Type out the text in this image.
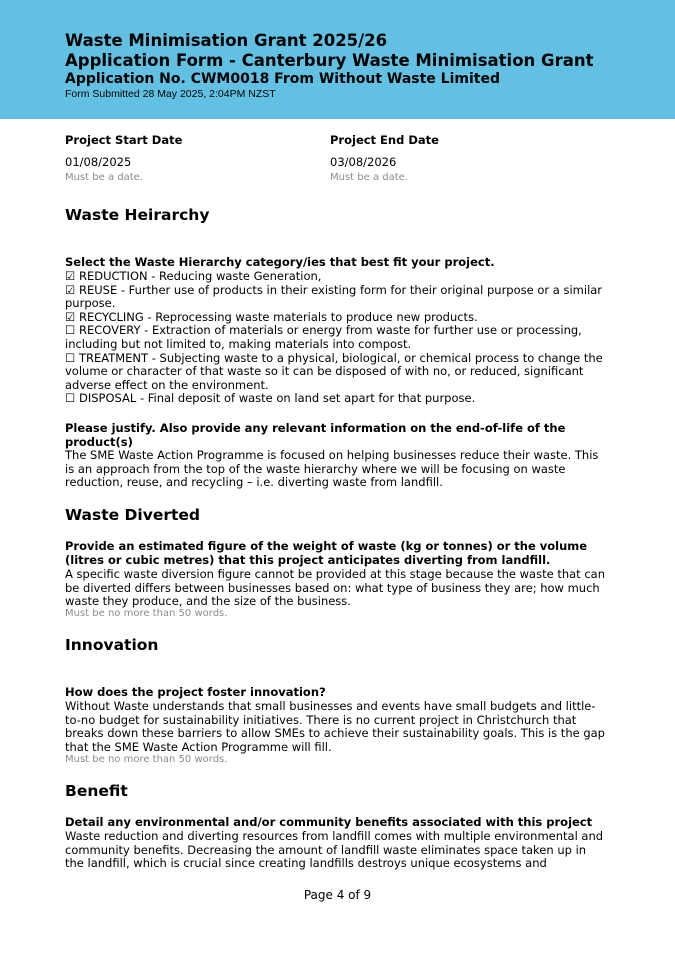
Waste Minimisation Grant 2025/26
Application Form - Canterbury Waste Minimisation Grant
Application No. CWM0018 From Without Waste Limited
Form Submitted 28 May 2025, 2:04PM NZST
Project Start Date
01/08/2025
Must be a date.
Project End Date
03/08/2026
Must be a date.
Waste Heirarchy
Select the Waste Hierarchy category/ies that best fit your project.
☑ REDUCTION - Reducing waste Generation,
☑ REUSE - Further use of products in their existing form for their original purpose or a similar purpose.
☑ RECYCLING - Reprocessing waste materials to produce new products.
☐ RECOVERY - Extraction of materials or energy from waste for further use or processing, including but not limited to, making materials into compost.
☐ TREATMENT - Subjecting waste to a physical, biological, or chemical process to change the volume or character of that waste so it can be disposed of with no, or reduced, significant adverse effect on the environment.
☐ DISPOSAL - Final deposit of waste on land set apart for that purpose.
Please justify. Also provide any relevant information on the end-of-life of the product(s)
The SME Waste Action Programme is focused on helping businesses reduce their waste. This is an approach from the top of the waste hierarchy where we will be focusing on waste reduction, reuse, and recycling – i.e. diverting waste from landfill.
Waste Diverted
Provide an estimated figure of the weight of waste (kg or tonnes) or the volume (litres or cubic metres) that this project anticipates diverting from landfill.
A specific waste diversion figure cannot be provided at this stage because the waste that can be diverted differs between businesses based on: what type of business they are; how much waste they produce, and the size of the business.
Must be no more than 50 words.
Innovation
How does the project foster innovation?
Without Waste understands that small businesses and events have small budgets and little-to-no budget for sustainability initiatives. There is no current project in Christchurch that breaks down these barriers to allow SMEs to achieve their sustainability goals. This is the gap that the SME Waste Action Programme will fill.
Must be no more than 50 words.
Benefit
Detail any environmental and/or community benefits associated with this project
Waste reduction and diverting resources from landfill comes with multiple environmental and community benefits. Decreasing the amount of landfill waste eliminates space taken up in the landfill, which is crucial since creating landfills destroys unique ecosystems and
Page 4 of 9
